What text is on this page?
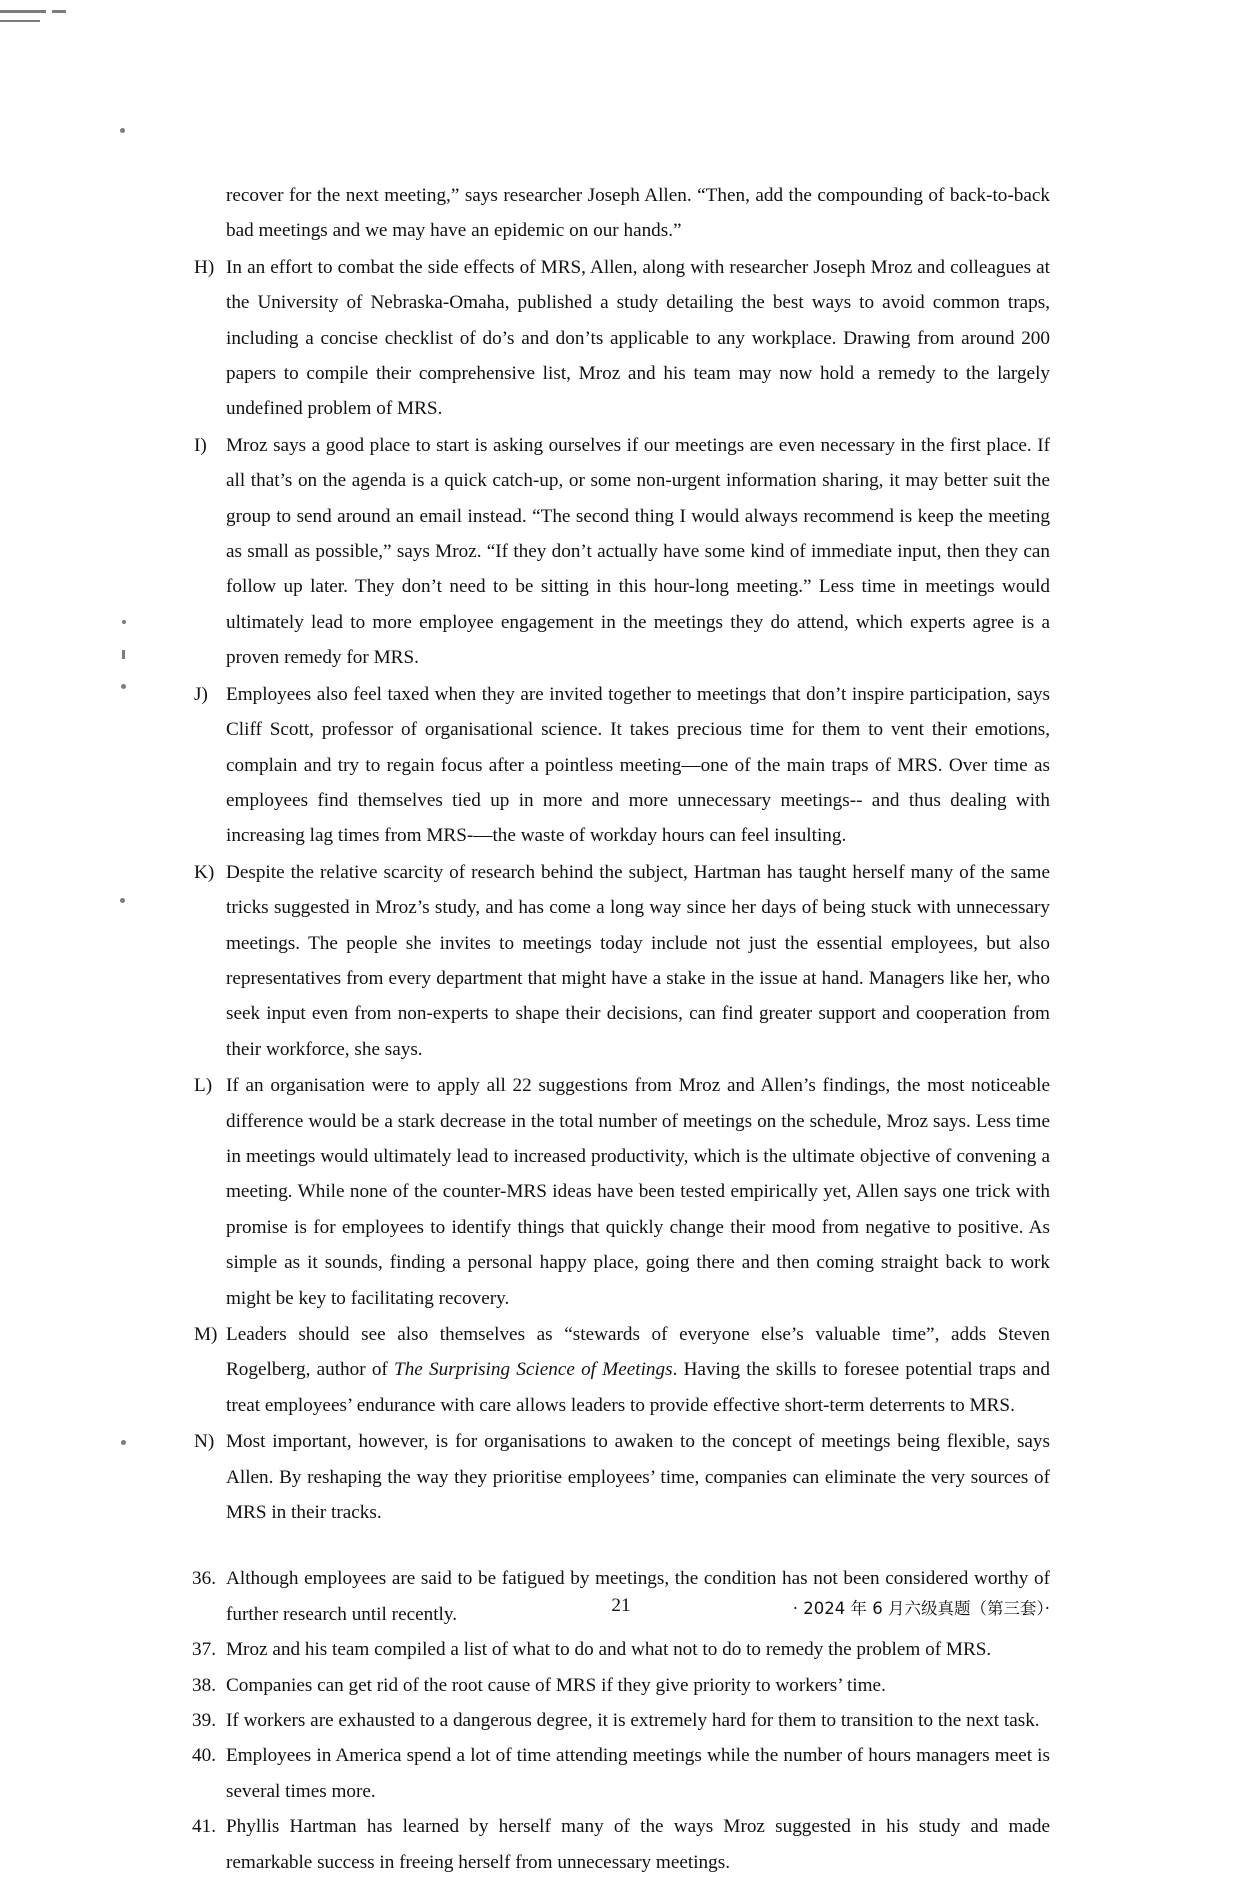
recover for the next meeting,” says researcher Joseph Allen. “Then, add the compounding of back-to-back bad meetings and we may have an epidemic on our hands.”
H) In an effort to combat the side effects of MRS, Allen, along with researcher Joseph Mroz and colleagues at the University of Nebraska-Omaha, published a study detailing the best ways to avoid common traps, including a concise checklist of do’s and don’ts applicable to any workplace. Drawing from around 200 papers to compile their comprehensive list, Mroz and his team may now hold a remedy to the largely undefined problem of MRS.
I)	Mroz says a good place to start is asking ourselves if our meetings are even necessary in the first place. If all that’s on the agenda is a quick catch-up, or some non-urgent information sharing, it may better suit the group to send around an email instead. “The second thing I would always recommend is keep the meeting as small as possible,” says Mroz. “If they don’t actually have some kind of immediate input, then they can follow up later. They don’t need to be sitting in this hour-long meeting.” Less time in meetings would ultimately lead to more employee engagement in the meetings they do attend, which experts agree is a proven remedy for MRS.
J) Employees also feel taxed when they are invited together to meetings that don’t inspire participation, says Cliff Scott, professor of organisational science. It takes precious time for them to vent their emotions, complain and try to regain focus after a pointless meeting—one of the main traps of MRS. Over time as employees find themselves tied up in more and more unnecessary meetings-- and thus dealing with increasing lag times from MRS-—the waste of workday hours can feel insulting.
K) Despite the relative scarcity of research behind the subject, Hartman has taught herself many of the same tricks suggested in Mroz’s study, and has come a long way since her days of being stuck with unnecessary meetings. The people she invites to meetings today include not just the essential employees, but also representatives from every department that might have a stake in the issue at hand. Managers like her, who seek input even from non-experts to shape their decisions, can find greater support and cooperation from their workforce, she says.
L) If an organisation were to apply all 22 suggestions from Mroz and Allen’s findings, the most noticeable difference would be a stark decrease in the total number of meetings on the schedule, Mroz says. Less time in meetings would ultimately lead to increased productivity, which is the ultimate objective of convening a meeting. While none of the counter-MRS ideas have been tested empirically yet, Allen says one trick with promise is for employees to identify things that quickly change their mood from negative to positive. As simple as it sounds, finding a personal happy place, going there and then coming straight back to work might be key to facilitating recovery.
M) Leaders should see also themselves as “stewards of everyone else’s valuable time”, adds Steven Rogelberg, author of The Surprising Science of Meetings. Having the skills to foresee potential traps and treat employees’ endurance with care allows leaders to provide effective short-term deterrents to MRS.
N) Most important, however, is for organisations to awaken to the concept of meetings being flexible, says Allen. By reshaping the way they prioritise employees’ time, companies can eliminate the very sources of MRS in their tracks.
36. Although employees are said to be fatigued by meetings, the condition has not been considered worthy of further research until recently.
37. Mroz and his team compiled a list of what to do and what not to do to remedy the problem of MRS.
38. Companies can get rid of the root cause of MRS if they give priority to workers’ time.
39. If workers are exhausted to a dangerous degree, it is extremely hard for them to transition to the next task.
40. Employees in America spend a lot of time attending meetings while the number of hours managers meet is several times more.
41. Phyllis Hartman has learned by herself many of the ways Mroz suggested in his study and made remarkable success in freeing herself from unnecessary meetings.
21	· 2024 年 6 月六级真题（第三套）·
